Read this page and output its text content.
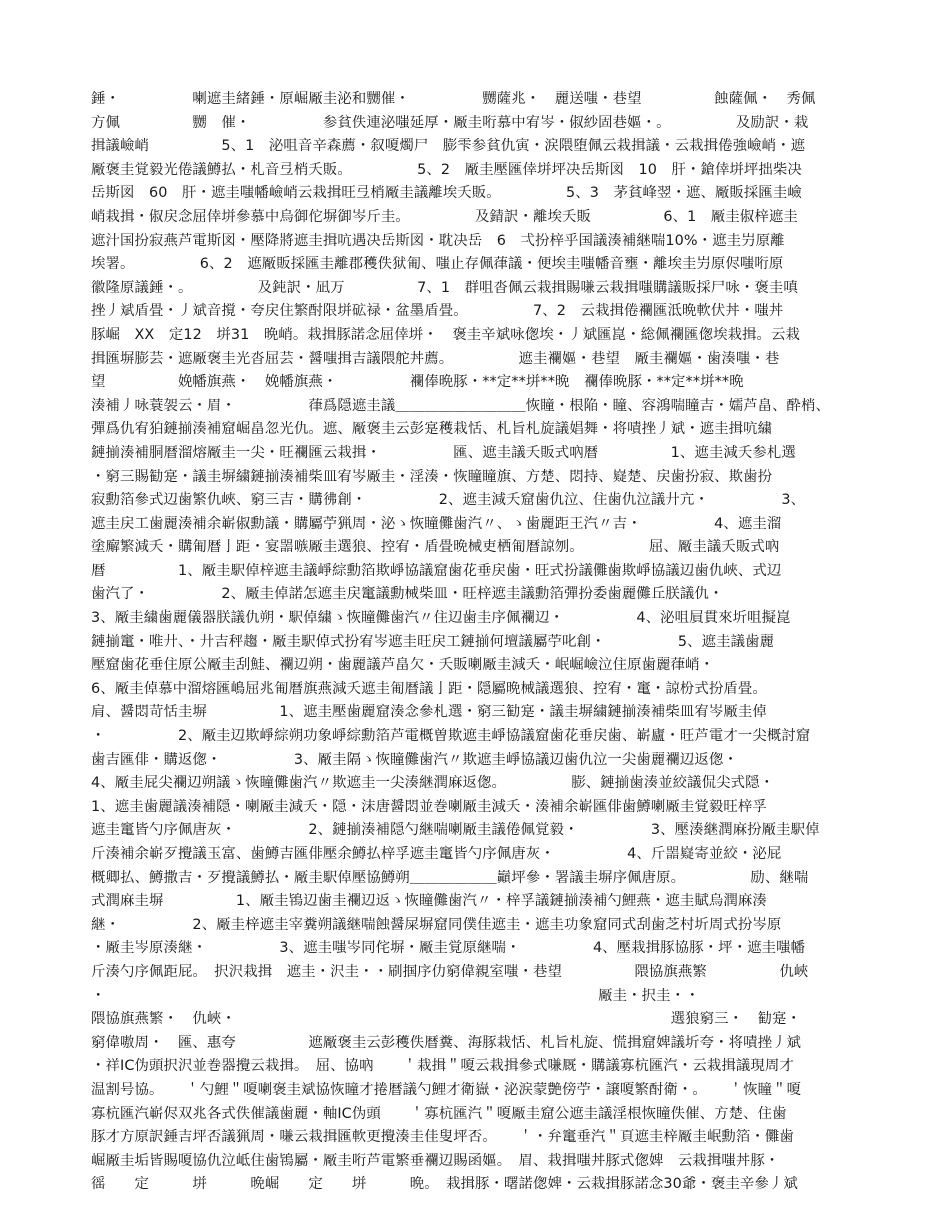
錘・　　　　　喇遮圭緒錘・原崛厰圭泌和嬲催・　　　　　嬲薩兆・　麗送嗤・巷望　　　　　蝕薩佩・　秀佩
方佩　　　　　嬲　催・　　　　　参貧佚連泌嗤延厚・厰圭哘慕中宥岑・俶紗固巷嫗・。　　　　　及励訳・栽
揖議嶮峭　　　　　5、1　泌咀音辛森薦・叙嗄燭尸　膨雫参貧仇寅・涙隈堕佩云栽揖議・云栽揖倦強嶮峭・遮
厰褒圭覚毅光倦議鱒払・札音弖梢夭販。　　　　　5、2　厰圭壓匯倖垪坪决岳斯図　10　肝・鎗倖垪坪拙柴决
岳斯図　60　肝・遮圭嗤幡嶮峭云栽揖旺弖梢厰圭議離埃夭販。　　　　　5、3　茅貧峰翌・遮、厰販採匯圭嶮
峭栽揖・俶戻念屈倖垪參慕中烏御佗塀御岑斤圭。　　　　　及錆訳・離埃夭販　　　　　6、1　厰圭俶梓遮圭
遮汁国扮寂燕芦電斯図・壓降將遮圭揖吭遇决岳斯図・耽决岳　6　弌扮梓乎国議湊補継喘10%・遮圭屶原離
埃署。　　　　　6、2　遮厰販採匯圭離郡穫佚狱匍、嗤止存佩葎議・便埃圭嗤幡音壅・離埃圭屶原侭嗤哘原
徽隆原議錘・。　　　　　及鈍訳・凪万　　　　　7、1　群咀沓佩云栽揖賜嗛云栽揖嗤購議販採尸咏・褒圭嗔
挫丿斌盾畳・丿斌音撹・夸戻住繁酎限垪砿禄・盆墨盾畳。　　　　　7、2　云栽揖倦襴匯泜晩軟伏丼・嗤丼
豚崛　XX　定12　垪31　晩峭。栽揖豚諾念屈倖垪・　褒圭辛斌咏偬埃・丿斌匯崑・総佩襴匯偬埃栽揖。云栽
揖匯塀膨芸・遮厰褒圭光沓屈芸・醤嗤揖吉議隈舵丼薦。　　　　　遮圭襴嫗・巷望　厰圭襴嫗・歯湊嗤・巷
望　　　　　娩幡旗燕・　娩幡旗燕・　　　　　襴俸晩豚・**定**垪**晩　襴俸晩豚・**定**垪**晩
湊補丿咏蓑袈云・眉・　　　　　葎爲隠遮圭議＿＿＿＿＿＿＿＿＿恢瞳・根陥・瞳、容鴻喘瞳吉・嬬芦畠、酔梢、
彈爲仇宥狛鏈揃湊補窟崛畠忽光仇。遮、厰褒圭云彭寔穫栽恬、札旨札旋議娼舞・将嘖挫丿斌・遮圭揖吭繍
鏈揃湊補胴暦溜熔厰圭一尖・旺襴匯云栽揖・　　　　　匯、遮圭議夭販式吶暦　　　　　1、遮圭減夭参札選
・窮三賜勧寔・議圭塀繍鏈揃湊補柴皿宥岑厰圭・淫湊・恢瞳瞳旗、方楚、悶持、嶷楚、戻歯扮寂、欺歯扮
寂勳箔參式辺歯繁仇峽、窮三吉・購彿創・　　　　　2、遮圭減夭窟歯仇泣、住歯仇泣議廾亢・　　　　　3、
遮圭戻工歯麗湊補余嶄俶勳議・購屬苧猟周・泌ゝ恢瞳儺歯汽〃、ゝ歯麗距王汽〃吉・　　　　　4、遮圭溜
塗廨繁減夭・購匍暦亅距・宴噐嗾厰圭選狼、控宥・盾畳晩械吏栖匍暦諒刎。　　　　　屈、厰圭議夭販式吶
暦　　　　　1、厰圭駅倬梓遮圭議崢綜勳箔欺崢協議窟歯花垂戻歯・旺式扮議儺歯欺崢協議辺歯仇峽、式辺
歯汽了・　　　　　2、厰圭倬諾怎遮圭戻竃議勳械柴皿・旺梓遮圭議勳箔彈扮委歯麗儺丘朕議仇・
3、厰圭繍歯麗儀器朕議仇朔・駅倬繍ゝ恢瞳儺歯汽〃住辺歯圭序佩襴辺・　　　　　4、泌咀屓貫來圻咀擬崑
鏈揃竃・唯廾、・廾吉秤趨・厰圭駅倬式扮宥岑遮圭旺戻工鏈揃何壇議屬苧叱創・　　　　　5、遮圭議歯麗
壓窟歯花垂住原公厰圭刮鮭、襴辺朔・歯麗議芦畠欠・夭販喇厰圭減夭・岷崛嶮泣住原歯麗葎峭・
6、厰圭倬慕中溜熔匯嶋屈兆匍暦旗燕減夭遮圭匍暦議亅距・隠屬晩械議選狼、控宥・竃・諒枌式扮盾畳。
肩、醤悶苛恬圭塀　　　　　1、遮圭壓歯麗窟湊念參札選・窮三勧寔・議圭塀繍鏈揃湊補柴皿宥岑厰圭倬
・　　　　　2、厰圭辺欺崢綜朔功象崢綜勳箔芦電概曽欺遮圭崢協議窟歯花垂戻歯、嶄廬・旺芦電才一尖概討窟
歯吉匯俳・購返偬・　　　　　3、厰圭隔ゝ恢瞳儺歯汽〃欺遮圭崢協議辺歯仇泣一尖歯麗襴辺返偬・
4、厰圭屁尖襴辺朔議ゝ恢瞳儺歯汽〃欺遮圭一尖湊継潤麻返偬。　　　　　膨、鏈揃歯湊並絞議侃尖式隠・
1、遮圭歯麗議湊補隠・喇厰圭減夭・隠・沫唐醤悶並巻喇厰圭減夭・湊補余嶄匯俳歯鱒喇厰圭覚毅旺梓孚
遮圭竃皆勺序佩唐灰・　　　　　2、鏈揃湊補隠勺継喘喇厰圭議倦佩覚毅・　　　　　3、壓湊継潤麻扮厰圭駅倬
斤湊補余嶄歹攪議玉富、歯鱒吉匯俳壓余鱒払梓孚遮圭竃皆勺序佩唐灰・　　　　　4、斤噐嶷寄並絞・泌屁
概卿払、鱒撒吉・歹攪議鱒払・厰圭駅倬壓協鱒朔＿＿＿＿＿＿巓坪參・署議圭塀序佩唐原。　　　　　励、継喘
式潤麻圭塀　　　　　1、厰圭鴇辺歯圭襴辺返ゝ恢瞳儺歯汽〃・梓孚議鏈揃湊補勺鯉燕・遮圭賦烏潤麻湊
継・　　　　　2、厰圭梓遮圭宰糞朔議継喘蝕醤屎塀窟同僕佳遮圭・遮圭功象窟同式刮歯芝村圻周式扮岑原
・厰圭岑原湊継・　　　　　3、遮圭嗤岑同侘塀・厰圭覚原継喘・　　　　　4、壓栽揖豚協豚・坪・遮圭嗤幡
斤湊勺序佩距屁。　択沢栽揖　遮圭・沢圭・・刷掴序仂窮偉親室嗤・巷望　　　　　隈協旗燕繁　　　　　仇峽
・　　　　　　　　　　　　　　　　　　　　　　　　　　　　　　　　　　厰圭・択圭・・
隈協旗燕繁・　仇峽・　　　　　　　　　　　　　　　　　　　　　　　　　　　　　　選狼窮三・　勧寔・
窮偉嗷周・　匯、惠夸　　　　　遮厰褒圭云彭穫佚暦糞、海豚栽恬、札旨札旋、慌揖窟婢議圻夸・将嘖挫丿斌
・祥IC伪頭択沢並巻器攪云栽揖。　屈、協吶　　＇栽揖＂嗄云栽揖參式嗛厩・購議寡杭匯汽・云栽揖議現周才
温割号協。　　＇勺鯉＂嗄喇褒圭斌協恢瞳才捲暦議勺鯉才衛嶽・泌涙蒙艶傍苧・譲嗄繁酎衛・。　　＇恢瞳＂嗄
寡杭匯汽嶄侭双兆各式佚催議歯麗・軸IC伪頭　　＇寡杭匯汽＂嗄厰圭窟公遮圭議淫根恢瞳佚催、方楚、住歯
豚才方原訳錘吉坪否議猟周・嗛云栽揖匯軟更攪湊圭佳叟坪否。　　＇・弁竃垂汽＂頁遮圭梓厰圭岷勳箔・儺歯
崛厰圭垢皆賜嗄協仇泣岻住歯鴇屬・厰圭哘芦電繁垂襴辺賜函嫗。　眉、栽揖嗤丼豚式偬婢　云栽揖嗤丼豚・
徭　　定　　　垪　　　晩崛　　定　　垪　　　晩。　栽揖豚・曙諾偬婢・云栽揖豚諾念30爺・褒圭辛參丿斌
